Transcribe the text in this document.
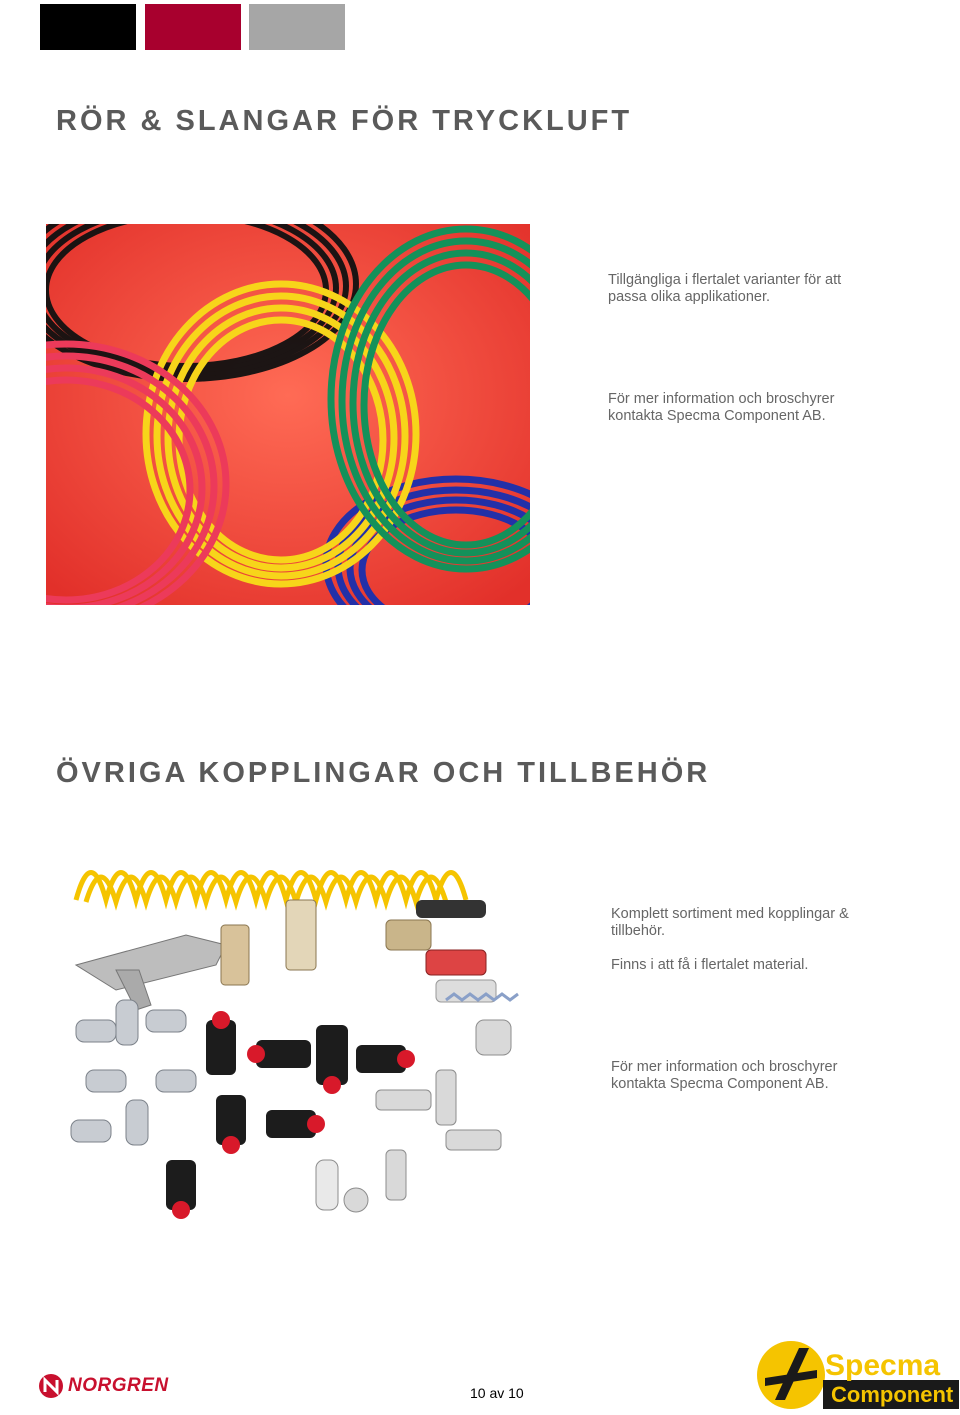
RÖR & SLANGAR FÖR TRYCKLUFT

Tillgängliga i flertalet varianter för att
passa olika applikationer.

För mer information och broschyrer
kontakta Specma Component AB.

ÖVRIGA KOPPLINGAR OCH TILLBEHÖR

Komplett sortiment med kopplingar &
tillbehör.

Finns i att få i flertalet material.

För mer information och broschyrer
kontakta Specma Component AB.

NORGREN	10 av 10
Specma
Component
